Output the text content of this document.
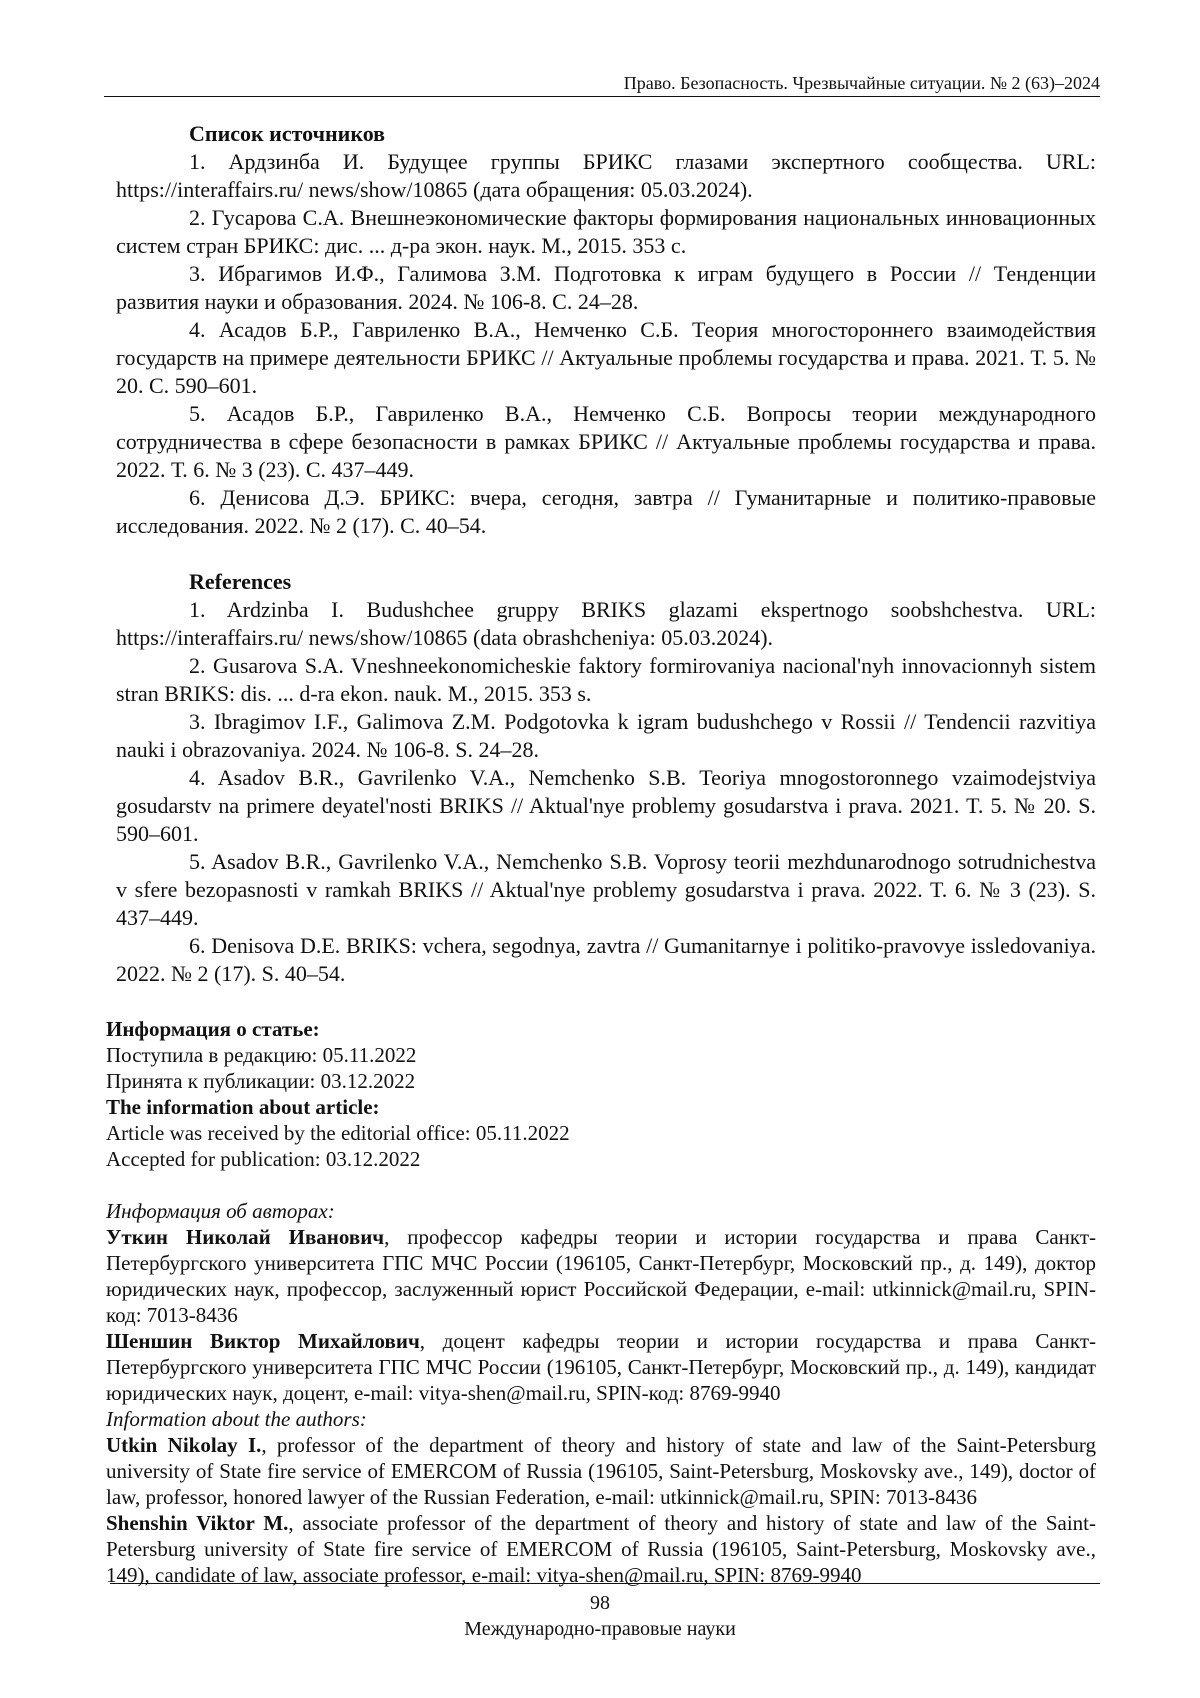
Право. Безопасность. Чрезвычайные ситуации. № 2 (63)–2024

Список источников

1. Ардзинба И. Будущее группы БРИКС глазами экспертного сообщества. URL: https://interaffairs.ru/ news/show/10865 (дата обращения: 05.03.2024).

2. Гусарова С.А. Внешнеэкономические факторы формирования национальных инновационных систем стран БРИКС: дис. ... д-ра экон. наук. М., 2015. 353 с.

3. Ибрагимов И.Ф., Галимова З.М. Подготовка к играм будущего в России // Тенденции развития науки и образования. 2024. № 106-8. С. 24–28.

4. Асадов Б.Р., Гавриленко В.А., Немченко С.Б. Теория многостороннего взаимодействия государств на примере деятельности БРИКС // Актуальные проблемы государства и права. 2021. Т. 5. № 20. С. 590–601.

5. Асадов Б.Р., Гавриленко В.А., Немченко С.Б. Вопросы теории международного сотрудничества в сфере безопасности в рамках БРИКС // Актуальные проблемы государства и права. 2022. Т. 6. № 3 (23). С. 437–449.

6. Денисова Д.Э. БРИКС: вчера, сегодня, завтра // Гуманитарные и политико-правовые исследования. 2022. № 2 (17). С. 40–54.

References

1. Ardzinba I. Budushchee gruppy BRIKS glazami ekspertnogo soobshchestva. URL: https://interaffairs.ru/ news/show/10865 (data obrashcheniya: 05.03.2024).

2. Gusarova S.A. Vneshneekonomicheskie faktory formirovaniya nacional'nyh innovacionnyh sistem stran BRIKS: dis. ... d-ra ekon. nauk. M., 2015. 353 s.

3. Ibragimov I.F., Galimova Z.M. Podgotovka k igram budushchego v Rossii // Tendencii razvitiya nauki i obrazovaniya. 2024. № 106-8. S. 24–28.

4. Asadov B.R., Gavrilenko V.A., Nemchenko S.B. Teoriya mnogostoronnego vzaimodejstviya gosudarstv na primere deyatel'nosti BRIKS // Aktual'nye problemy gosudarstva i prava. 2021. T. 5. № 20. S. 590–601.

5. Asadov B.R., Gavrilenko V.A., Nemchenko S.B. Voprosy teorii mezhdunarodnogo sotrudnichestva v sfere bezopasnosti v ramkah BRIKS // Aktual'nye problemy gosudarstva i prava. 2022. T. 6. № 3 (23). S. 437–449.

6. Denisova D.E. BRIKS: vchera, segodnya, zavtra // Gumanitarnye i politiko-pravovye issledovaniya. 2022. № 2 (17). S. 40–54.

Информация о статье:

Поступила в редакцию: 05.11.2022

Принята к публикации: 03.12.2022

The information about article:

Article was received by the editorial office: 05.11.2022

Accepted for publication: 03.12.2022

Информация об авторах:

Уткин Николай Иванович, профессор кафедры теории и истории государства и права Санкт-Петербургского университета ГПС МЧС России (196105, Санкт-Петербург, Московский пр., д. 149), доктор юридических наук, профессор, заслуженный юрист Российской Федерации, e-mail: utkinnick@mail.ru, SPIN-код: 7013-8436

Шеншин Виктор Михайлович, доцент кафедры теории и истории государства и права Санкт-Петербургского университета ГПС МЧС России (196105, Санкт-Петербург, Московский пр., д. 149), кандидат юридических наук, доцент, e-mail: vitya-shen@mail.ru, SPIN-код: 8769-9940

Information about the authors:

Utkin Nikolay I., professor of the department of theory and history of state and law of the Saint-Petersburg university of State fire service of EMERCOM of Russia (196105, Saint-Petersburg, Moskovsky ave., 149), doctor of law, professor, honored lawyer of the Russian Federation, e-mail: utkinnick@mail.ru, SPIN: 7013-8436

Shenshin Viktor M., associate professor of the department of theory and history of state and law of the Saint-Petersburg university of State fire service of EMERCOM of Russia (196105, Saint-Petersburg, Moskovsky ave., 149), candidate of law, associate professor, e-mail: vitya-shen@mail.ru, SPIN: 8769-9940

98
Международно-правовые науки
